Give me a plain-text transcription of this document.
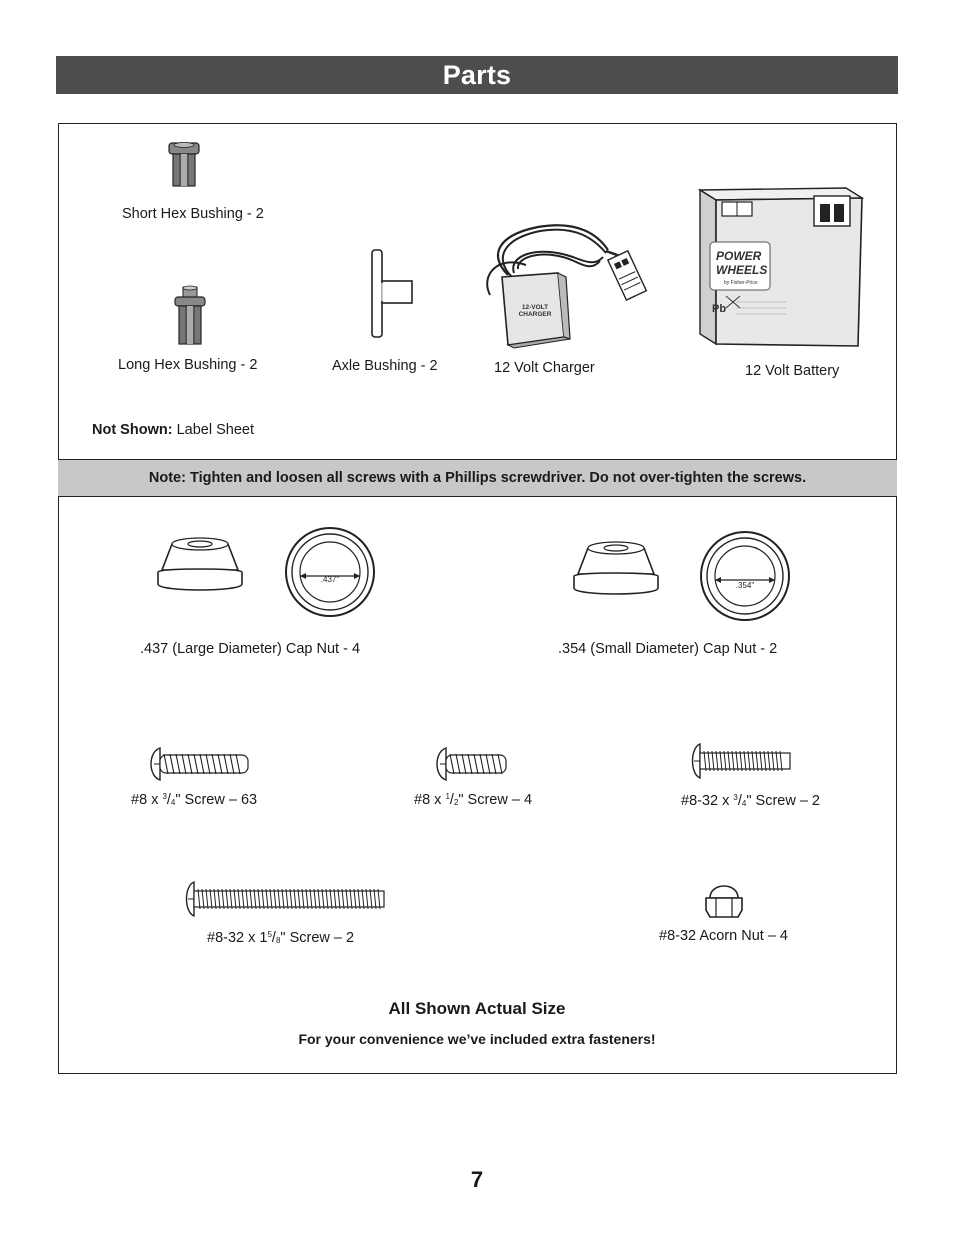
Parts
Short Hex Bushing - 2
Long Hex Bushing - 2	Axle Bushing - 2
12-VOLT
CHARGER
12 Volt Charger
POWER
WHEELS
by Fisher-Price
Pb
12 Volt Battery
Not Shown: Label Sheet
Note: Tighten and loosen all screws with a Phillips screwdriver. Do not over-tighten the screws.
.437"
.437 (Large Diameter) Cap Nut - 4
.354"
.354 (Small Diameter) Cap Nut - 2
#8 x $^3$/4" Screw – 63	#8 x $^1$/2" Screw – 4	#8-32 x $^3$/4" Screw – 2
#8-32 x $1^5/8$" Screw – 2	#8-32 Acorn Nut – 4
All Shown Actual Size
For your convenience we’ve included extra fasteners!
7
